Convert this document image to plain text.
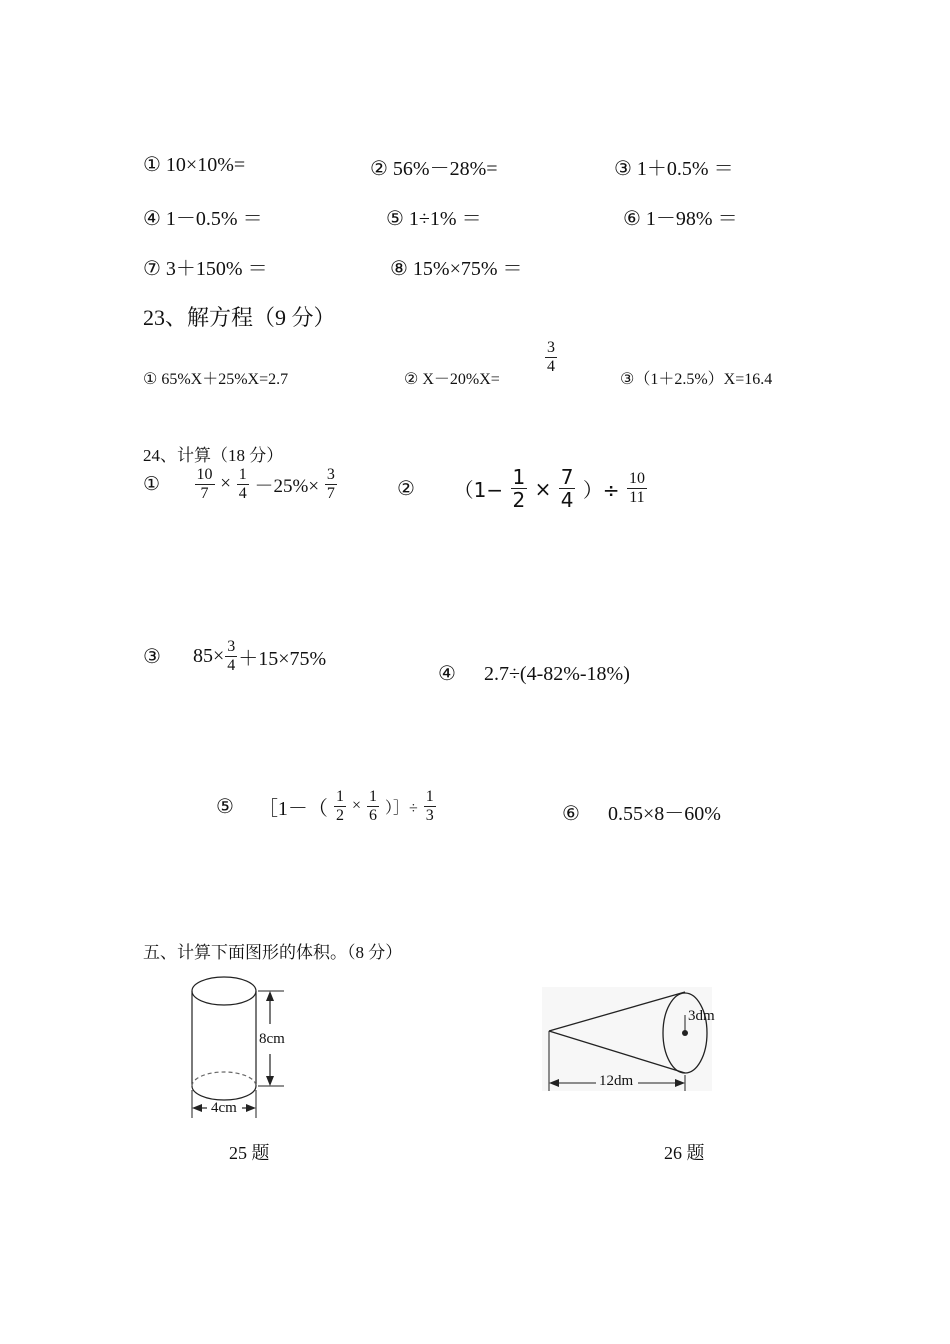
① 10×10%=	② 56%－28%=	③ 1＋0.5% ＝
④ 1－0.5% ＝	⑤ 1÷1% ＝	⑥ 1－98% ＝
⑦ 3＋150% ＝	⑧ 15%×75% ＝
23、解方程（9 分）
① 65%X＋25%X=2.7	② X－20%X=
$\frac{3}{4}$
③（1＋2.5%）X=16.4
24、计算（18 分）
① $\frac{10}{7} \times \frac{1}{4} -25\%\times \frac{3}{7}$	② （$1- \frac{1}{2} \times \frac{7}{4}$ ）÷ $\frac{10}{11}$
③ $85\times \frac{3}{4} +15\times 75\%$
④ 2.7÷(4-82%-18%)
⑤ ［1－（ $\frac{1}{2} \times \frac{1}{6}$ ）］÷ $\frac{1}{3}$	⑥ 0.55×8－60%
五、计算下面图形的体积。（8 分）
8cm
4cm
25 题
3dm
12dm
26 题
